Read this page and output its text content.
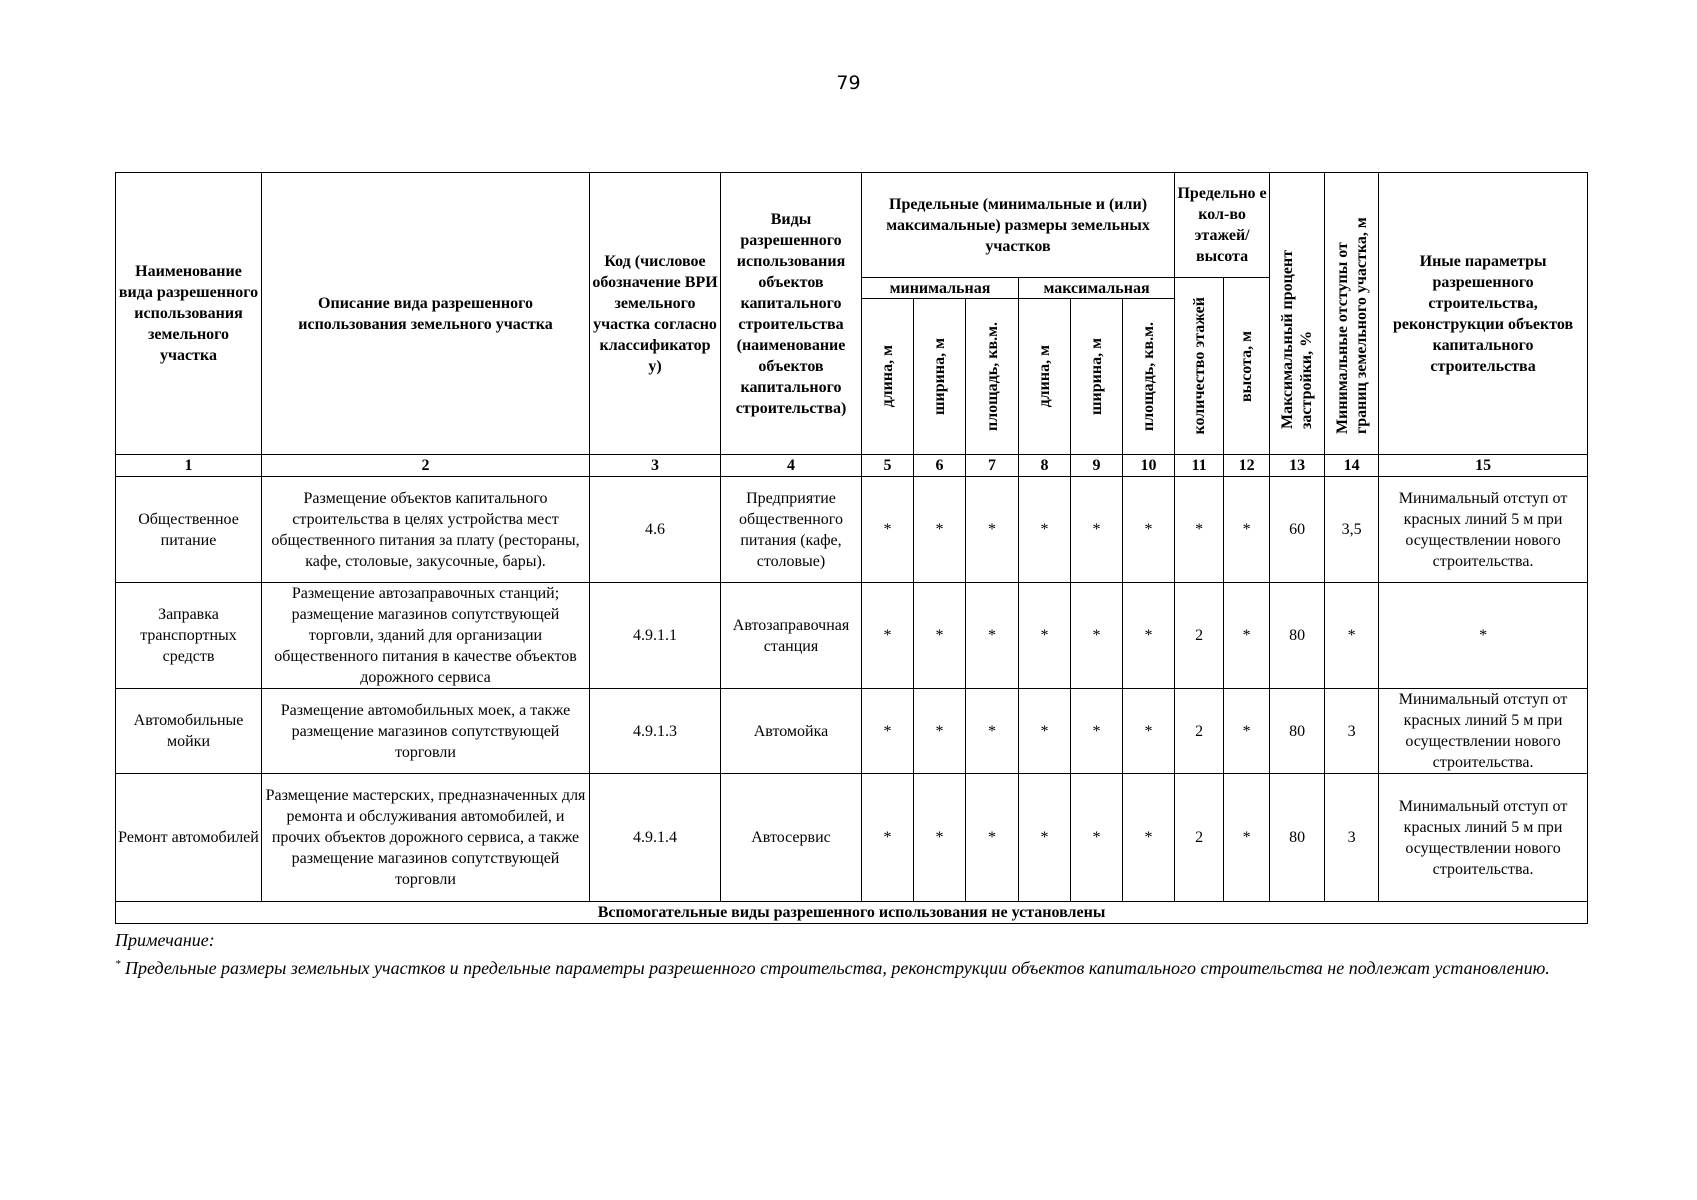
79
Наименование вида разрешенного использования земельного участка	Описание вида разрешенного использования земельного участка	Код (числовое обозначение ВРИ земельного участка согласно классификатор у)	Виды разрешенного использования объектов капитального строительства (наименование объектов капитального строительства)	Предельные (минимальные и (или) максимальные) размеры земельных участков						Предельно е кол-во этажей/ высота		Максимальный процент застройки, %	Минимальные отступы от границ земельного участка, м	Иные параметры разрешенного строительства, реконструкции объектов капитального строительства
				минимальная			максимальная			количество этажей	высота, м			

				длина, м	ширина, м	площадь, кв.м.	длина, м	ширина, м	площадь, кв.м.					

1	2	3	4	5	6	7	8	9	10	11	12	13	14	15
Общественное питание	Размещение объектов капитального строительства в целях устройства мест общественного питания за плату (рестораны, кафе, столовые, закусочные, бары).	4.6	Предприятие общественного питания (кафе, столовые)	*	*	*	*	*	*	*	*	60	3,5	Минимальный отступ от красных линий 5 м при осуществлении нового строительства.
Заправка транспортных средств	Размещение автозаправочных станций; размещение магазинов сопутствующей торговли, зданий для организации общественного питания в качестве объектов дорожного сервиса	4.9.1.1	Автозаправочная станция	*	*	*	*	*	*	2	*	80	*	*
Автомобильные мойки	Размещение автомобильных моек, а также размещение магазинов сопутствующей торговли	4.9.1.3	Автомойка	*	*	*	*	*	*	2	*	80	3	Минимальный отступ от красных линий 5 м при осуществлении нового строительства.
Ремонт автомобилей	Размещение мастерских, предназначенных для ремонта и обслуживания автомобилей, и прочих объектов дорожного сервиса, а также размещение магазинов сопутствующей торговли	4.9.1.4	Автосервис	*	*	*	*	*	*	2	*	80	3	Минимальный отступ от красных линий 5 м при осуществлении нового строительства.
Вспомогательные виды разрешенного использования не установлены														
Примечание:
* Предельные размеры земельных участков и предельные параметры разрешенного строительства, реконструкции объектов капитального строительства не подлежат установлению.
